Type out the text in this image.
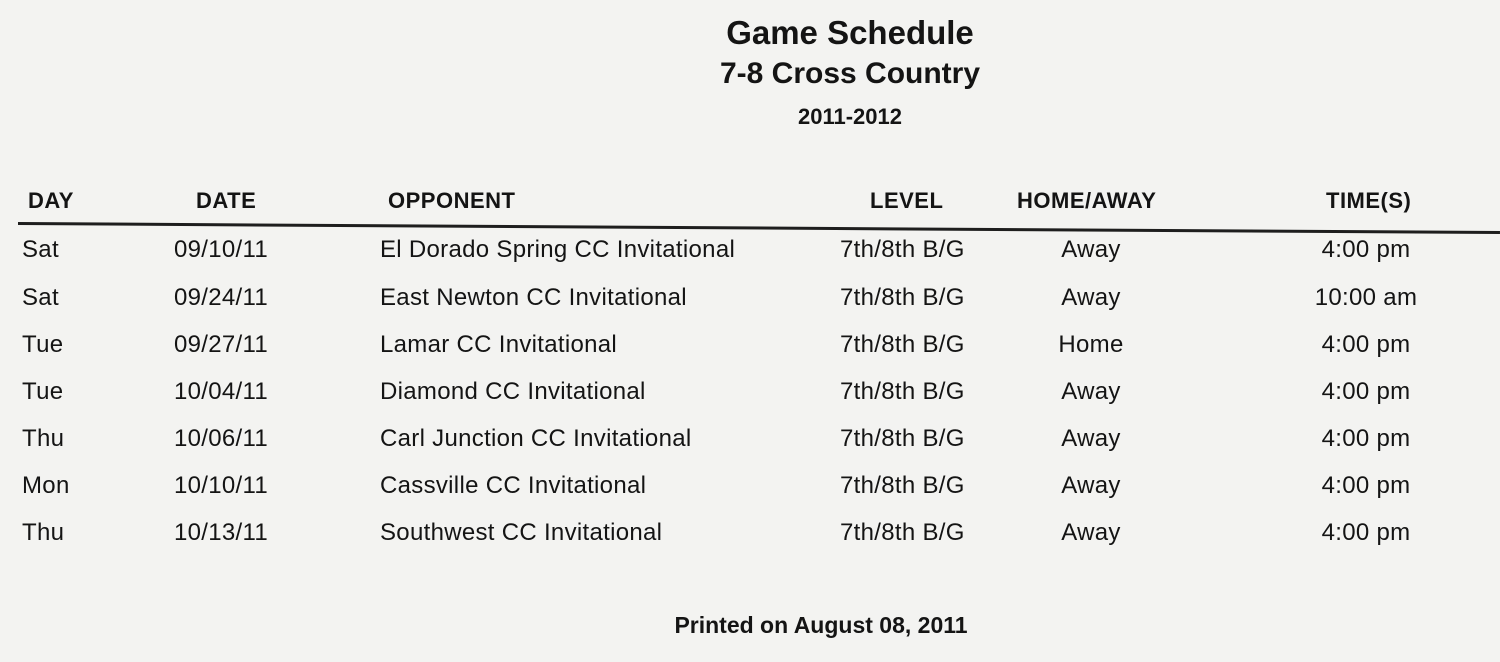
Game Schedule
7-8 Cross Country
2011-2012
DAY	DATE	OPPONENT	LEVEL	HOME/AWAY	TIME(S)
Sat	09/10/11	El Dorado Spring CC Invitational	7th/8th B/G	Away	4:00 pm
Sat	09/24/11	East Newton CC Invitational	7th/8th B/G	Away	10:00 am
Tue	09/27/11	Lamar CC Invitational	7th/8th B/G	Home	4:00 pm
Tue	10/04/11	Diamond CC Invitational	7th/8th B/G	Away	4:00 pm
Thu	10/06/11	Carl Junction CC Invitational	7th/8th B/G	Away	4:00 pm
Mon	10/10/11	Cassville CC Invitational	7th/8th B/G	Away	4:00 pm
Thu	10/13/11	Southwest CC Invitational	7th/8th B/G	Away	4:00 pm
Printed on August 08, 2011
